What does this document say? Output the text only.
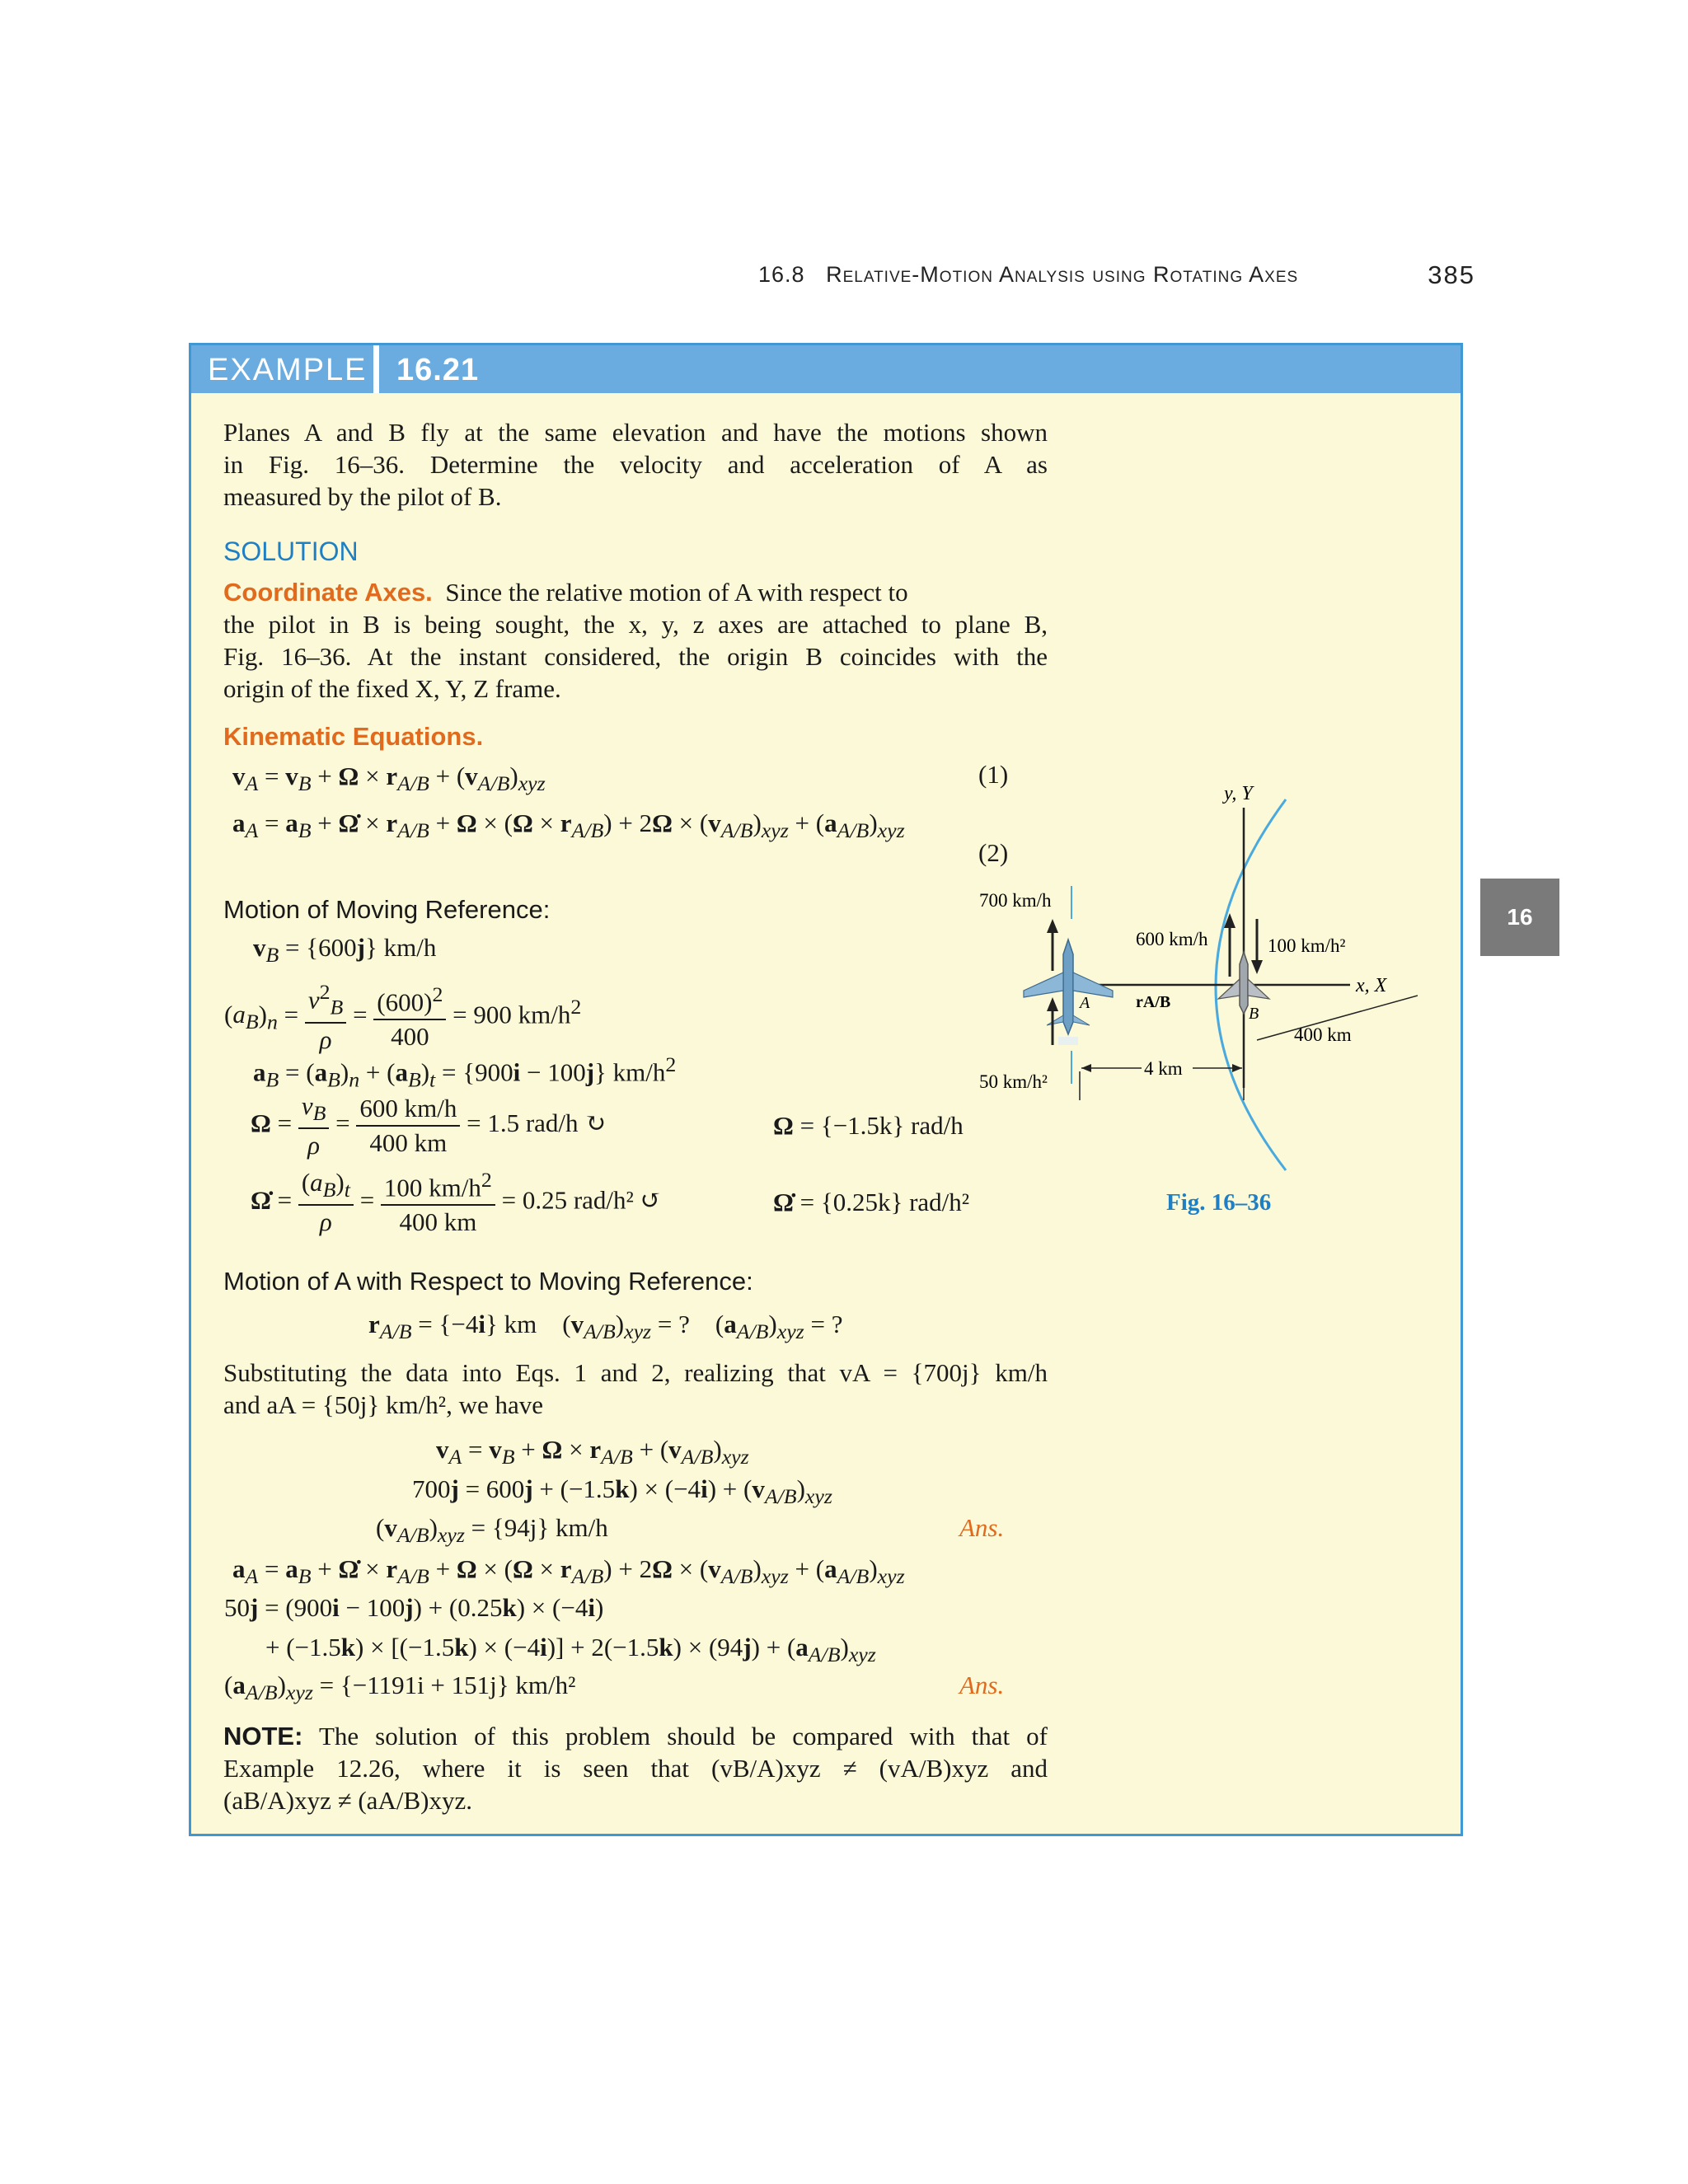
16.8 Relative-Motion Analysis using Rotating Axes	385
16
EXAMPLE 16.21
Planes A and B fly at the same elevation and have the motions shown
in Fig. 16–36. Determine the velocity and acceleration of A as
measured by the pilot of B.
SOLUTION
Coordinate Axes. Since the relative motion of A with respect to
the pilot in B is being sought, the x, y, z axes are attached to plane B,
Fig. 16–36. At the instant considered, the origin B coincides with the
origin of the fixed X, Y, Z frame.
Kinematic Equations.
$v_A = v_B + \Omega \times r_{A/B} + (v_{A/B})_{xyz}$	(1)
$a_A = a_B$ + Ω̇ × $r_{A/B} + \Omega \times (\Omega \times r_{A/B}) + 2\Omega \times (v_{A/B})_{xyz} + (a_{A/B})_{xyz}$
(2)
Motion of Moving Reference:
$v_B = \{600j\}$ km/h
$(a_B)_n = \frac{v^2_B}{\rho} = \frac{(600)^2}{400} = 900$ $km/h^2$
$a_B = (a_B)_n + (a_B)_t = \{900i - 100j\}$ $km/h^2$
$\Omega = \frac{v_B}{\rho} = \frac{600 km/h}{400 km} = 1.5$ rad/h ↻	Ω = {−1.5k} rad/h
Ω̇ = $\frac{(a_B)_t}{\rho} = \frac{100 km/h^2}{400 km} = 0.25$ rad/h² ↺	Ω̇ = {0.25k} rad/h²
Motion of A with Respect to Moving Reference:
$r_{A/B} = \{-4i\}$ km    $(v_{A/B})_{xyz}$ = ?    $(a_{A/B})_{xyz}$ = ?
Substituting the data into Eqs. 1 and 2, realizing that vA = {700j} km/h
and aA = {50j} km/h², we have
$v_A = v_B + \Omega \times r_{A/B} + (v_{A/B})_{xyz}$
$700j = 600j + (-1.5k) \times (-4i) + (v_{A/B})_{xyz}$
$(v_{A/B})_{xyz} = \{94j\}$ km/h	Ans.
$a_A = a_B$ + Ω̇ × $r_{A/B} + \Omega \times (\Omega \times r_{A/B}) + 2\Omega \times (v_{A/B})_{xyz} + (a_{A/B})_{xyz}$
50j = (900i − 100j) + (0.25k) × (−4i)
+ $(-1.5k) \times [(-1.5k) \times (-4i)] + 2(-1.5k) \times (94j) + (a_{A/B})_{xyz}$
$(a_{A/B})_{xyz} = \{-1191i + 151j\}$ km/h²	Ans.
NOTE: The solution of this problem should be compared with that of
Example 12.26, where it is seen that (vB/A)xyz ≠ (vA/B)xyz and
(aB/A)xyz ≠ (aA/B)xyz.
y, Y
x, X
400 km
A
700 km/h
50 km/h²
B
600 km/h	100 km/h²
rA/B
4 km
Fig. 16–36
